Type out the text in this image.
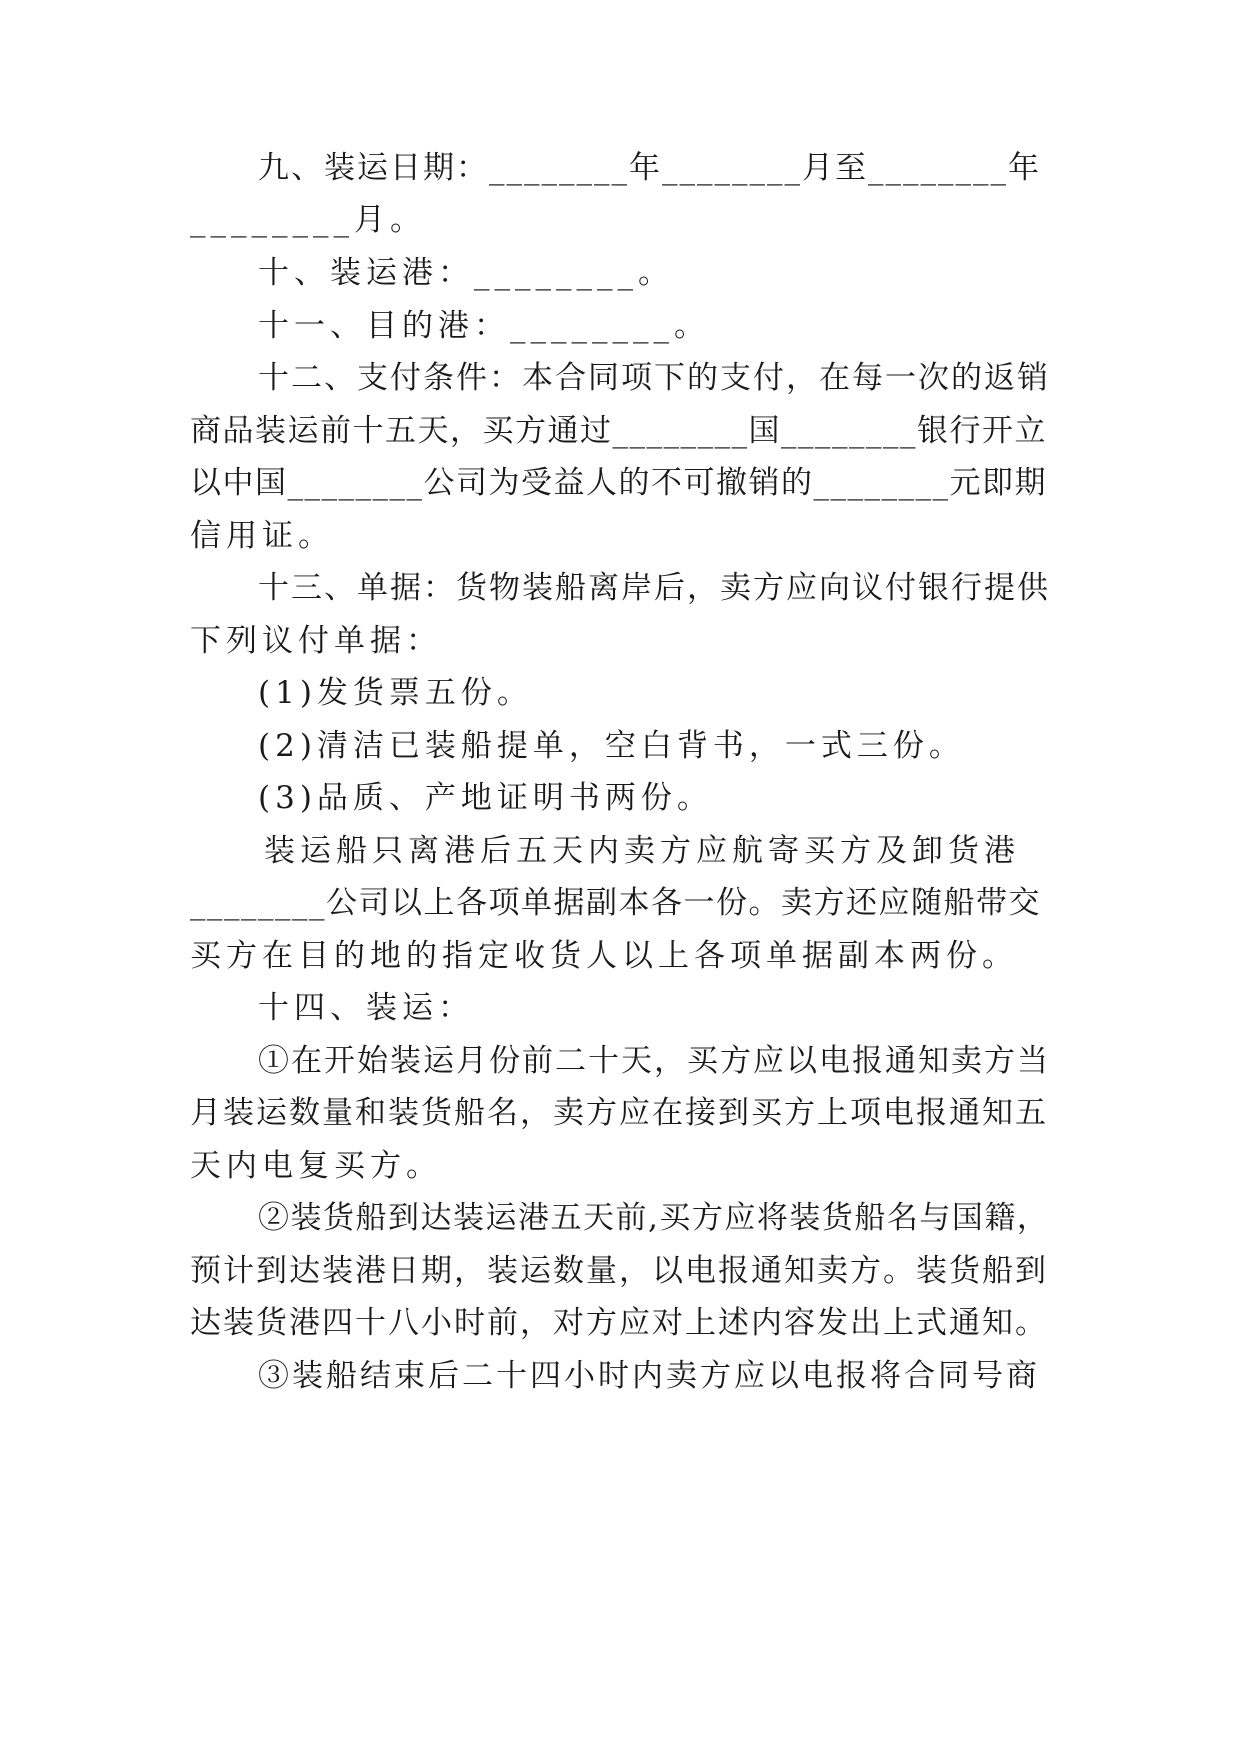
九、装运日期：________年________月至________年
________月。
十、装运港：________。
十一、目的港：________。
十二、支付条件：本合同项下的支付，在每一次的返销
商品装运前十五天，买方通过________国________银行开立
以中国________公司为受益人的不可撤销的________元即期
信用证。
十三、单据：货物装船离岸后，卖方应向议付银行提供
下列议付单据：
(1)发货票五份。
(2)清洁已装船提单，空白背书，一式三份。
(3)品质、产地证明书两份。
装运船只离港后五天内卖方应航寄买方及卸货港
________公司以上各项单据副本各一份。卖方还应随船带交
买方在目的地的指定收货人以上各项单据副本两份。
十四、装运：
①在开始装运月份前二十天，买方应以电报通知卖方当
月装运数量和装货船名，卖方应在接到买方上项电报通知五
天内电复买方。
②装货船到达装运港五天前,买方应将装货船名与国籍，
预计到达装港日期，装运数量，以电报通知卖方。装货船到
达装货港四十八小时前，对方应对上述内容发出上式通知。
③装船结束后二十四小时内卖方应以电报将合同号商
